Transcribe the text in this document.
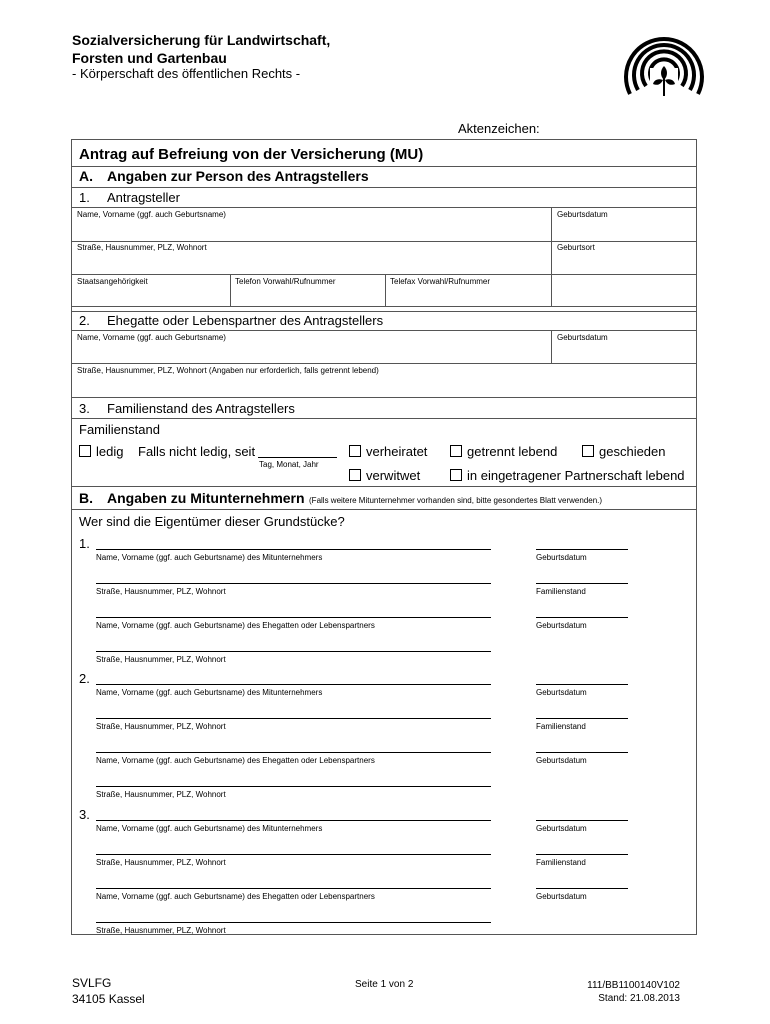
Sozialversicherung für Landwirtschaft,
Forsten und Gartenbau
- Körperschaft des öffentlichen Rechts -
Aktenzeichen:
Antrag auf Befreiung von der Versicherung (MU)
A. Angaben zur Person des Antragstellers
1. Antragsteller
Name, Vorname (ggf. auch Geburtsname)	Geburtsdatum
Straße, Hausnummer, PLZ, Wohnort	Geburtsort
Staatsangehörigkeit	Telefon Vorwahl/Rufnummer	Telefax Vorwahl/Rufnummer
2. Ehegatte oder Lebenspartner des Antragstellers
Name, Vorname (ggf. auch Geburtsname)	Geburtsdatum
Straße, Hausnummer, PLZ, Wohnort (Angaben nur erforderlich, falls getrennt lebend)
3. Familienstand des Antragstellers
Familienstand
ledig Falls nicht ledig, seit
Tag, Monat, Jahr
verheiratet	getrennt lebend	geschieden
verwitwet	in eingetragener Partnerschaft lebend
B. Angaben zu Mitunternehmern (Falls weitere Mitunternehmer vorhanden sind, bitte gesondertes Blatt verwenden.)
Wer sind die Eigentümer dieser Grundstücke?
1.
Name, Vorname (ggf. auch Geburtsname) des Mitunternehmers	Geburtsdatum
Straße, Hausnummer, PLZ, Wohnort	Familienstand
Name, Vorname (ggf. auch Geburtsname) des Ehegatten oder Lebenspartners	Geburtsdatum
Straße, Hausnummer, PLZ, Wohnort
2.
Name, Vorname (ggf. auch Geburtsname) des Mitunternehmers	Geburtsdatum
Straße, Hausnummer, PLZ, Wohnort	Familienstand
Name, Vorname (ggf. auch Geburtsname) des Ehegatten oder Lebenspartners	Geburtsdatum
Straße, Hausnummer, PLZ, Wohnort
3.
Name, Vorname (ggf. auch Geburtsname) des Mitunternehmers	Geburtsdatum
Straße, Hausnummer, PLZ, Wohnort	Familienstand
Name, Vorname (ggf. auch Geburtsname) des Ehegatten oder Lebenspartners	Geburtsdatum
Straße, Hausnummer, PLZ, Wohnort
SVLFG
34105 Kassel
Seite 1 von 2	111/BB1100140V102
Stand: 21.08.2013
